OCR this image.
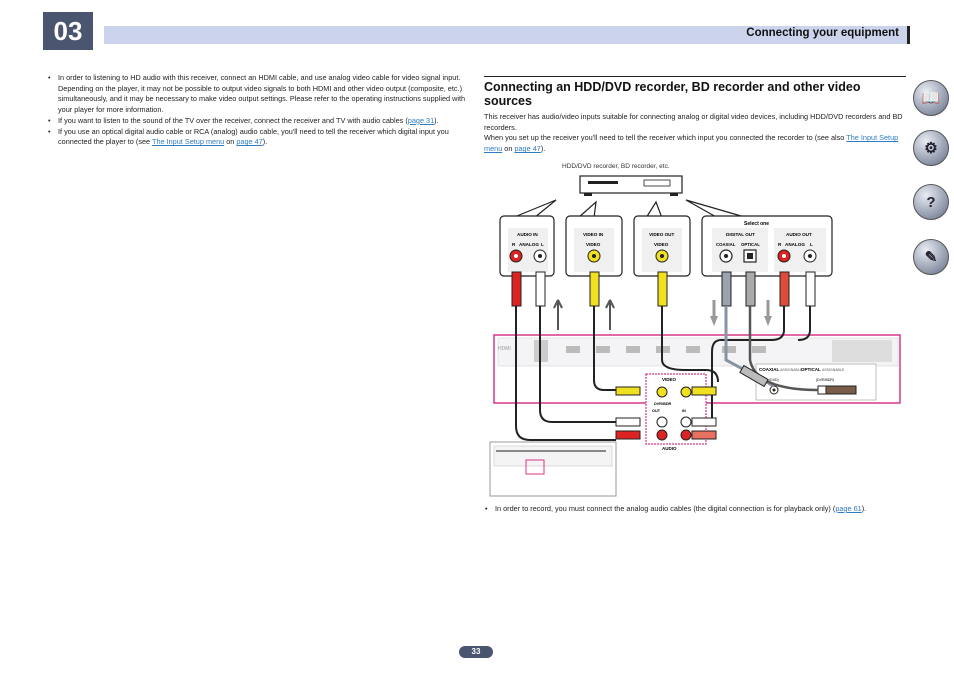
03	Connecting your equipment

• In order to listening to HD audio with this receiver, connect an HDMI cable, and use analog video cable for video signal input.

Depending on the player, it may not be possible to output video signals to both HDMI and other video output (composite, etc.) simultaneously, and it may be necessary to make video output settings. Please refer to the operating instructions supplied with your player for more information.

• If you want to listen to the sound of the TV over the receiver, connect the receiver and TV with audio cables (page 31).
• If you use an optical digital audio cable or RCA (analog) audio cable, you'll need to tell the receiver which digital input you connected the player to (see The Input Setup menu on page 47).
Connecting an HDD/DVD recorder, BD recorder and other video sources

This receiver has audio/video inputs suitable for connecting analog or digital video devices, including HDD/DVD recorders and BD recorders.

When you set up the receiver you'll need to tell the receiver which input you connected the recorder to (see also The Input Setup menu on page 47).

HDD/DVD recorder, BD recorder, etc.
AUDIO IN
R ANALOG L
VIDEO IN
VIDEO
VIDEO OUT
VIDEO
Select one
DIGITAL OUT
COAXIAL OPTICAL
AUDIO OUT
R ANALOG L
HDMI
COAXIAL ASSIGNABLE
OPTICAL ASSIGNABLE
(DVD)	(DVR/BDR)
VIDEO
DVR/BDR
OUT	IN
AUDIO
• In order to record, you must connect the analog audio cables (the digital connection is for playback only) (page 61).
📖
⚙
?
✎
33
